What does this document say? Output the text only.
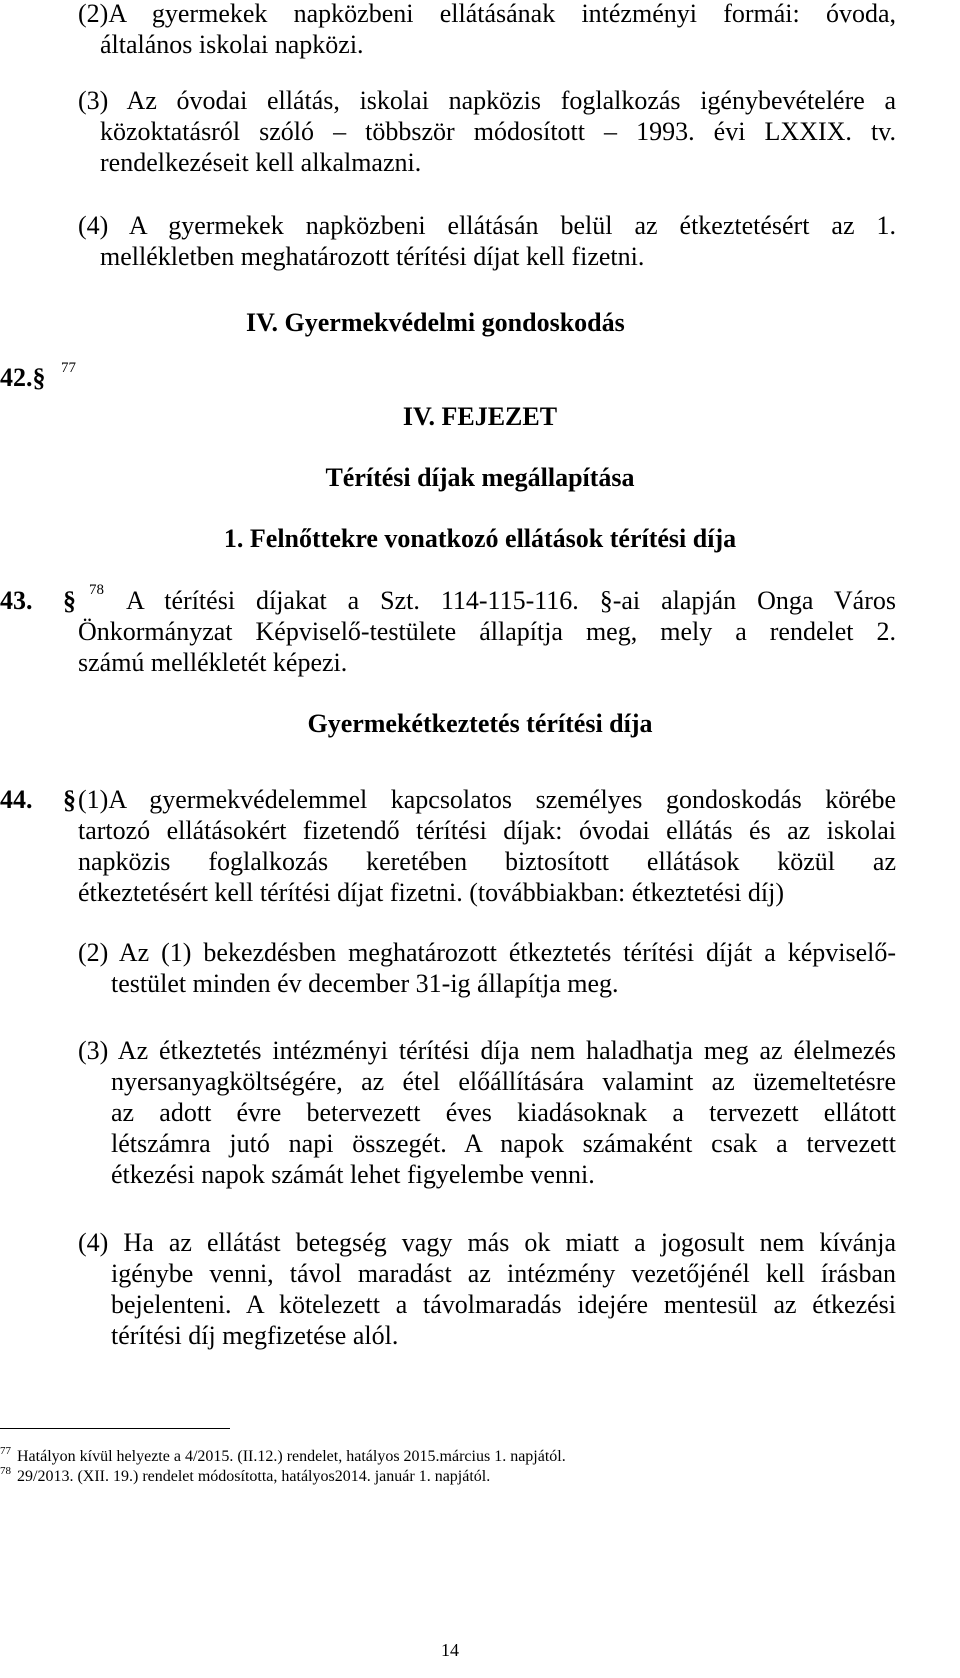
(2)A gyermekek napközbeni ellátásának intézményi formái: óvoda,
általános iskolai napközi.
(3) Az óvodai ellátás, iskolai napközis foglalkozás igénybevételére a
közoktatásról szóló – többször módosított – 1993. évi LXXIX. tv.
rendelkezéseit kell alkalmazni.
(4) A gyermekek napközbeni ellátásán belül az étkeztetésért az 1.
mellékletben meghatározott térítési díjat kell fizetni.
IV. Gyermekvédelmi gondoskodás
42.§ 77
IV. FEJEZET
Térítési díjak megállapítása
1. Felnőttekre vonatkozó ellátások térítési díja
43. § 78 A térítési díjakat a Szt. 114-115-116. §-ai alapján Onga Város
Önkormányzat Képviselő-testülete állapítja meg, mely a rendelet 2.
számú mellékletét képezi.
Gyermekétkeztetés térítési díja
44. § (1)A gyermekvédelemmel kapcsolatos személyes gondoskodás körébe
tartozó ellátásokért fizetendő térítési díjak: óvodai ellátás és az iskolai
napközis foglalkozás keretében biztosított ellátások közül az
étkeztetésért kell térítési díjat fizetni. (továbbiakban: étkeztetési díj)
(2) Az (1) bekezdésben meghatározott étkeztetés térítési díját a képviselő-
testület minden év december 31-ig állapítja meg.
(3) Az étkeztetés intézményi térítési díja nem haladhatja meg az élelmezés
nyersanyagköltségére, az étel előállítására valamint az üzemeltetésre
az adott évre betervezett éves kiadásoknak a tervezett ellátott
létszámra jutó napi összegét. A napok számaként csak a tervezett
étkezési napok számát lehet figyelembe venni.
(4) Ha az ellátást betegség vagy más ok miatt a jogosult nem kívánja
igénybe venni, távol maradást az intézmény vezetőjénél kell írásban
bejelenteni. A kötelezett a távolmaradás idejére mentesül az étkezési
térítési díj megfizetése alól.
$^{77}$ Hatályon kívül helyezte a 4/2015. (II.12.) rendelet, hatályos 2015.március 1. napjától.
$^{78}$ 29/2013. (XII. 19.) rendelet módosította, hatályos2014. január 1. napjától.
14
